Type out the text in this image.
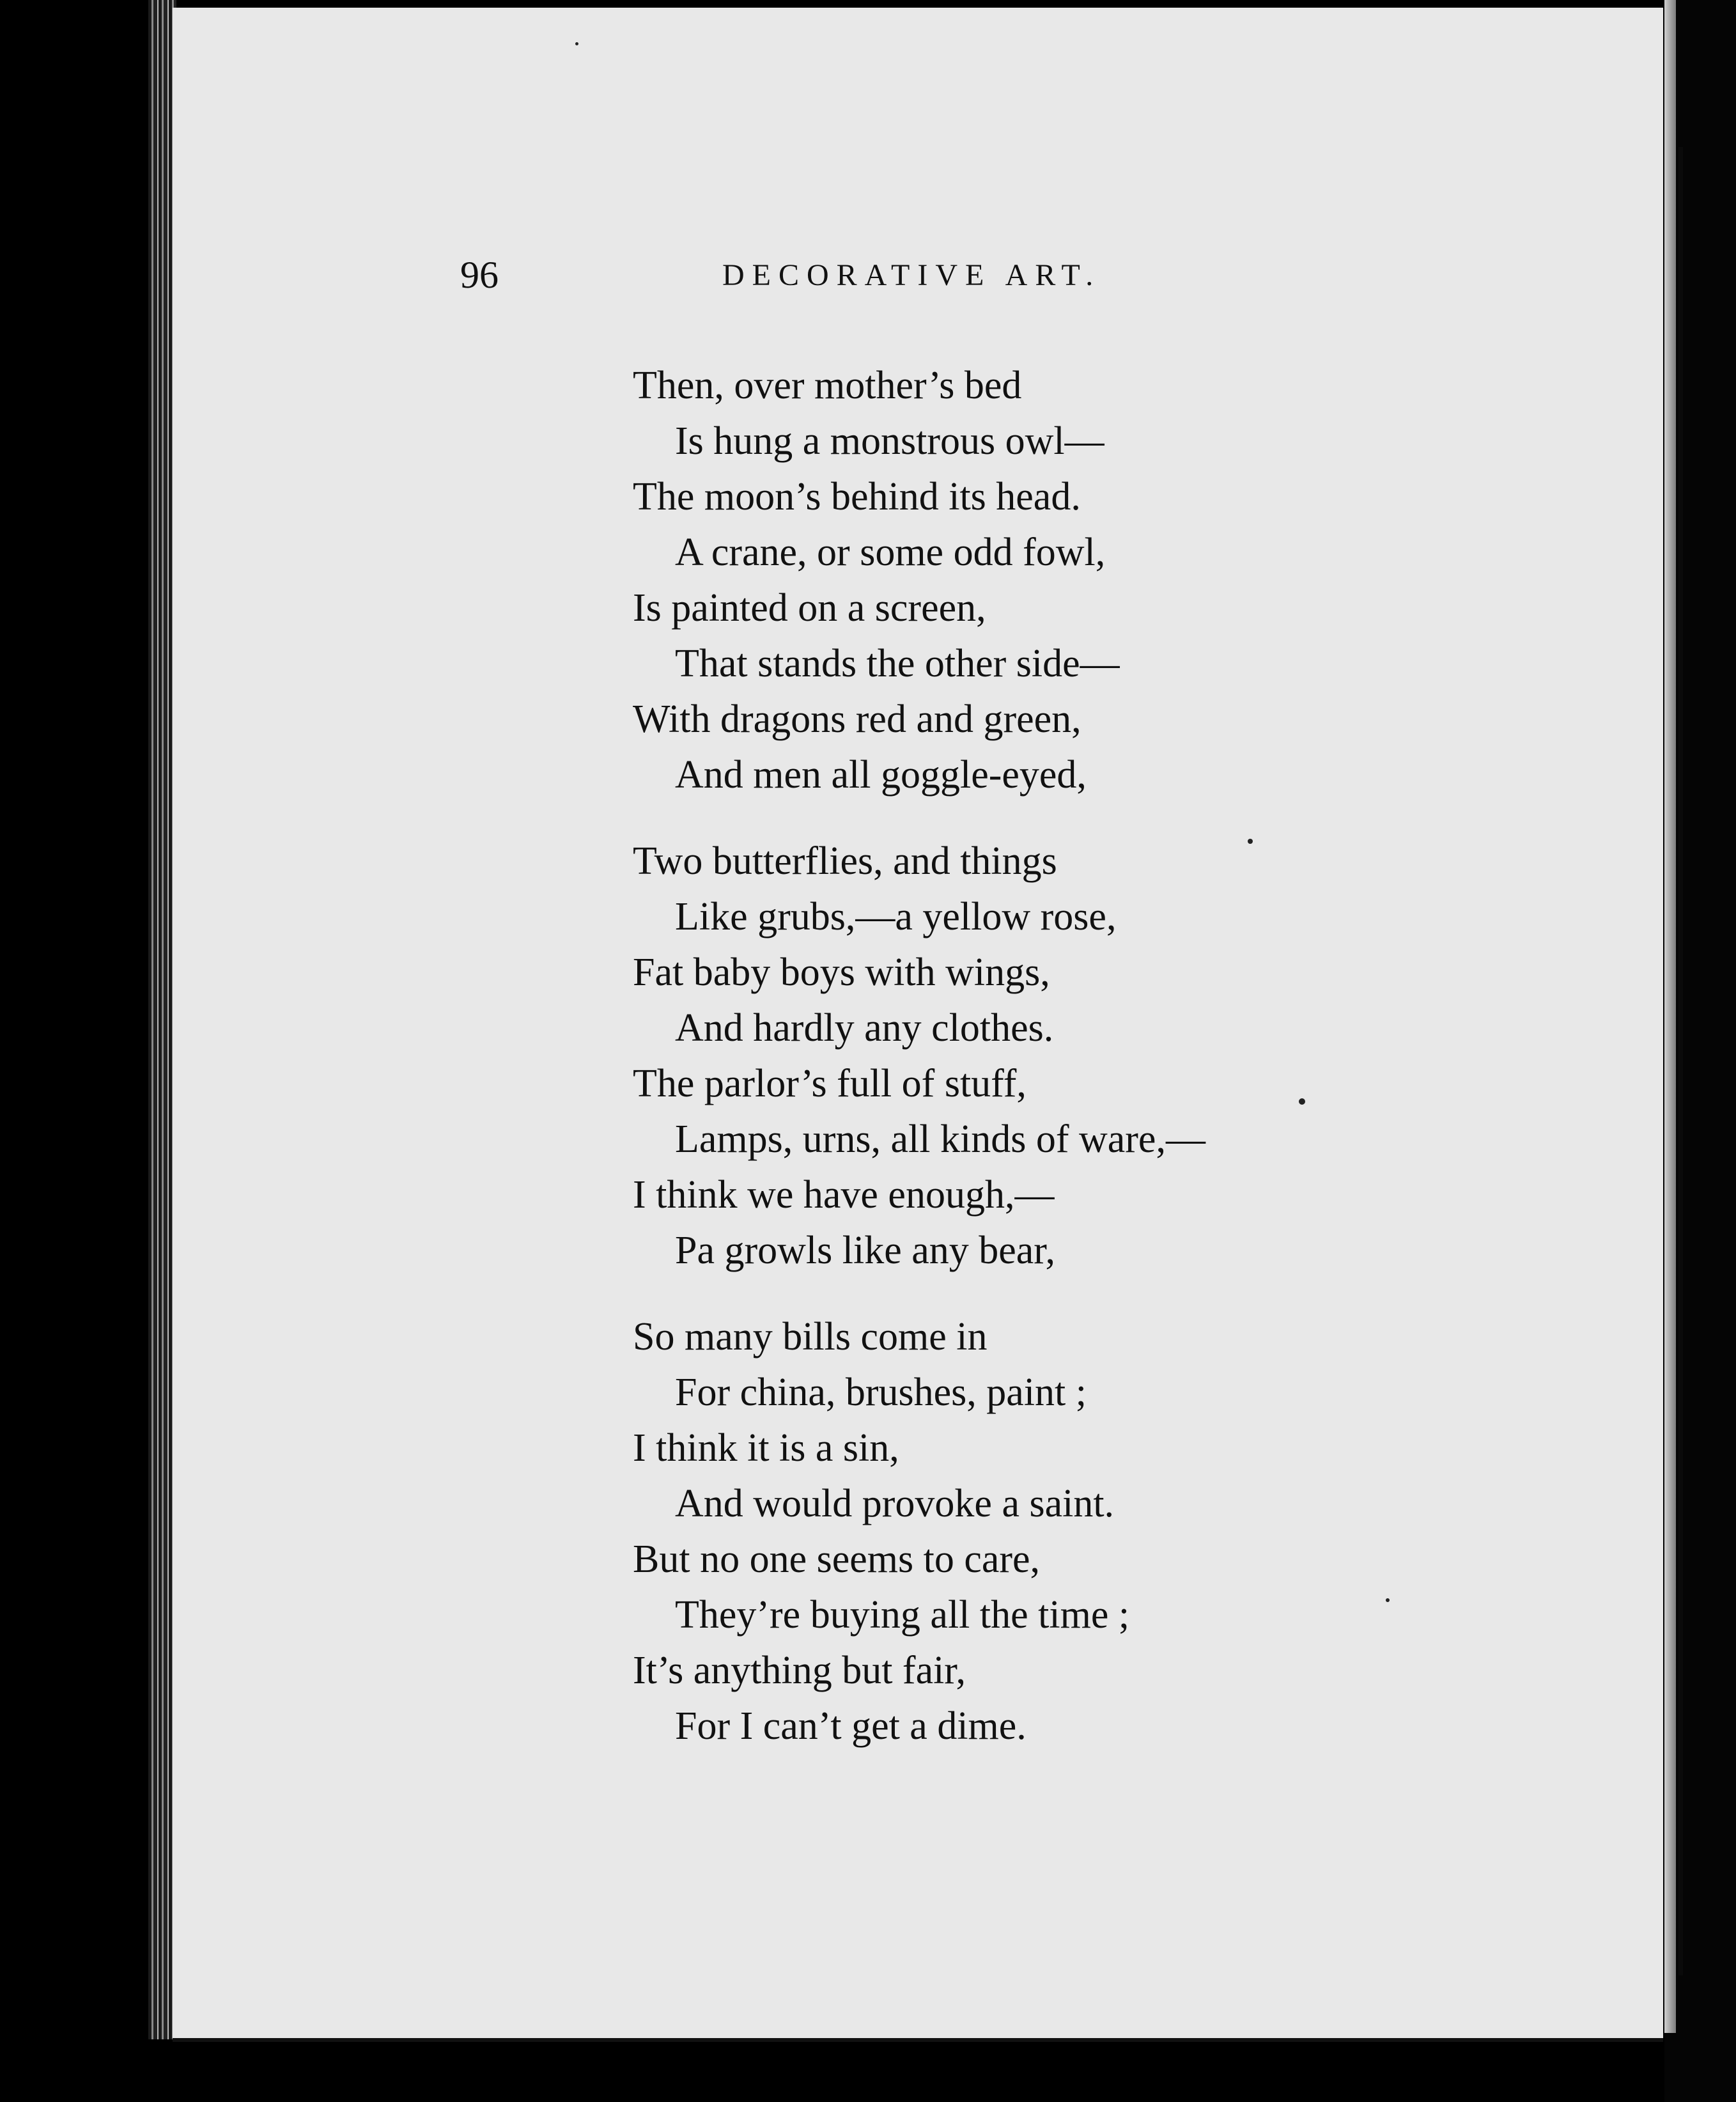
96	DECORATIVE ART.
Then, over mother’s bed
Is hung a monstrous owl—
The moon’s behind its head.
A crane, or some odd fowl,
Is painted on a screen,
That stands the other side—
With dragons red and green,
And men all goggle-eyed,
Two butterflies, and things
Like grubs,—a yellow rose,
Fat baby boys with wings,
And hardly any clothes.
The parlor’s full of stuff,
Lamps, urns, all kinds of ware,—
I think we have enough,—
Pa growls like any bear,
So many bills come in
For china, brushes, paint ;
I think it is a sin,
And would provoke a saint.
But no one seems to care,
They’re buying all the time ;
It’s anything but fair,
For I can’t get a dime.
